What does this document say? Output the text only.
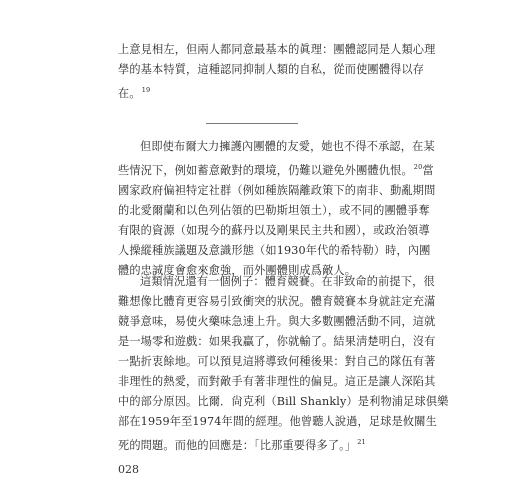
上意見相左，但兩人都同意最基本的眞理：團體認同是人類心理
學的基本特質，這種認同抑制人類的自私，從而使團體得以存
在。$^{19}$
但即使布爾大力擁護內團體的友愛，她也不得不承認，在某
些情況下，例如蓄意敵對的環境，仍難以避免外團體仇恨。$^{20}$當
國家政府偏袒特定社群（例如種族隔離政策下的南非、動亂期間
的北愛爾蘭和以色列佔領的巴勒斯坦領土），或不同的團體爭奪
有限的資源（如現今的蘇丹以及剛果民主共和國），或政治領導
人操縱種族議題及意識形態（如1930年代的希特勒）時，內團
體的忠誠度會愈來愈強，而外團體則成爲敵人。
這類情況還有一個例子：體育競賽。在非致命的前提下，很
難想像比體育更容易引致衝突的狀況。體育競賽本身就註定充滿
競爭意味，易使火藥味急速上升。與大多數團體活動不同，這就
是一場零和遊戲：如果我贏了，你就輸了。結果淸楚明白，沒有
一點折衷餘地。可以預見這將導致何種後果：對自己的隊伍有著
非理性的熱愛，而對敵手有著非理性的偏見。這正是讓人深陷其
中的部分原因。比爾．尙克利（Bill Shankly）是利物浦足球俱樂
部在1959年至1974年間的經理。他曾聽人說過，足球是攸關生
死的問題。而他的回應是：「比那重要得多了。」$^{21}$
028
